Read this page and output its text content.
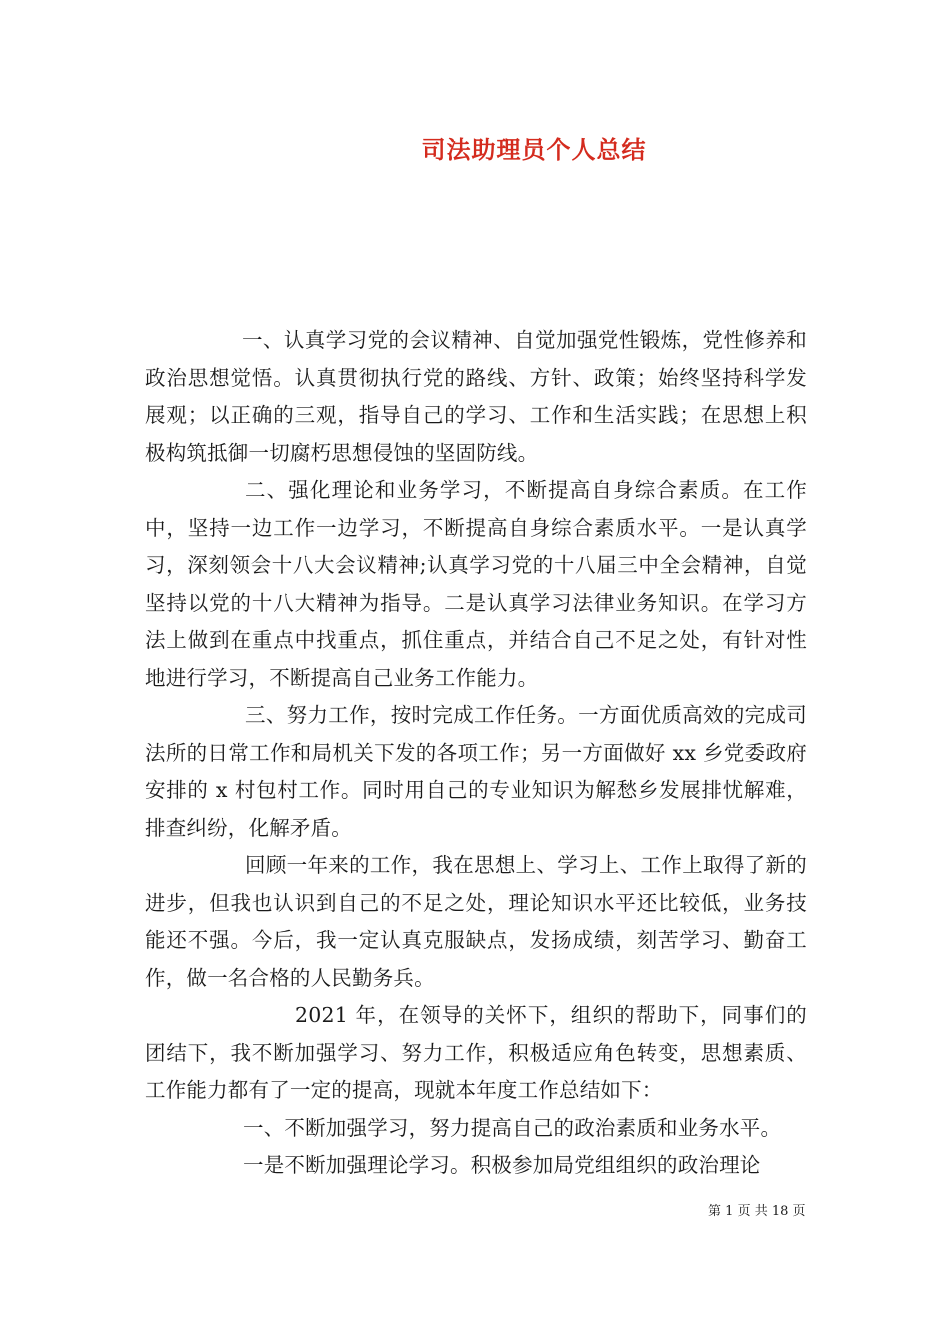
司法助理员个人总结

一、认真学习党的会议精神、自觉加强党性锻炼，党性修养和政治思想觉悟。认真贯彻执行党的路线、方针、政策；始终坚持科学发展观；以正确的三观，指导自己的学习、工作和生活实践；在思想上积极构筑抵御一切腐朽思想侵蚀的坚固防线。

二、强化理论和业务学习，不断提高自身综合素质。在工作中，坚持一边工作一边学习，不断提高自身综合素质水平。一是认真学习，深刻领会十八大会议精神;认真学习党的十八届三中全会精神，自觉坚持以党的十八大精神为指导。二是认真学习法律业务知识。在学习方法上做到在重点中找重点，抓住重点，并结合自己不足之处，有针对性地进行学习，不断提高自己业务工作能力。

三、努力工作，按时完成工作任务。一方面优质高效的完成司法所的日常工作和局机关下发的各项工作；另一方面做好 xx 乡党委政府安排的 x 村包村工作。同时用自己的专业知识为解愁乡发展排忧解难，排查纠纷，化解矛盾。

回顾一年来的工作，我在思想上、学习上、工作上取得了新的进步，但我也认识到自己的不足之处，理论知识水平还比较低，业务技能还不强。今后，我一定认真克服缺点，发扬成绩，刻苦学习、勤奋工作，做一名合格的人民勤务兵。

2021 年，在领导的关怀下，组织的帮助下，同事们的团结下，我不断加强学习、努力工作，积极适应角色转变，思想素质、工作能力都有了一定的提高，现就本年度工作总结如下：

一、不断加强学习，努力提高自己的政治素质和业务水平。

一是不断加强理论学习。积极参加局党组组织的政治理论

第 1 页 共 18 页
